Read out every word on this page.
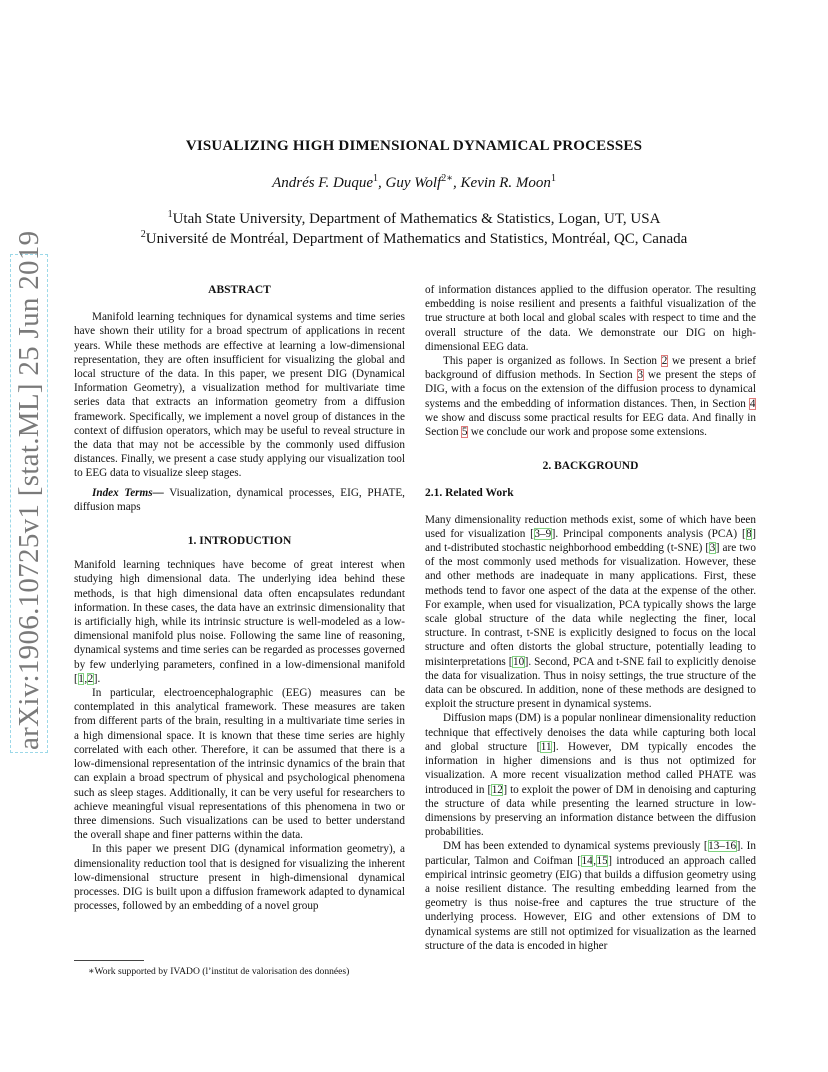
arXiv:1906.10725v1 [stat.ML] 25 Jun 2019
VISUALIZING HIGH DIMENSIONAL DYNAMICAL PROCESSES
Andrés F. Duque$^1$, Guy Wolf$^{2∗}$, Kevin R. Moon$^1$
$^1$Utah State University, Department of Mathematics & Statistics, Logan, UT, USA
$^2$Université de Montréal, Department of Mathematics and Statistics, Montréal, QC, Canada

ABSTRACT

Manifold learning techniques for dynamical systems and time series have shown their utility for a broad spectrum of applications in recent years. While these methods are effective at learning a low-dimensional representation, they are often insufficient for visualizing the global and local structure of the data. In this paper, we present DIG (Dynamical Information Geometry), a visualization method for multivariate time series data that extracts an information geometry from a diffusion framework. Specifically, we implement a novel group of distances in the context of diffusion operators, which may be useful to reveal structure in the data that may not be accessible by the commonly used diffusion distances. Finally, we present a case study applying our visualization tool to EEG data to visualize sleep stages.

Index Terms— Visualization, dynamical processes, EIG, PHATE, diffusion maps

1. INTRODUCTION

Manifold learning techniques have become of great interest when studying high dimensional data. The underlying idea behind these methods, is that high dimensional data often encapsulates redundant information. In these cases, the data have an extrinsic dimensionality that is artificially high, while its intrinsic structure is well-modeled as a low-dimensional manifold plus noise. Following the same line of reasoning, dynamical systems and time series can be regarded as processes governed by few underlying parameters, confined in a low-dimensional manifold [1,2].

In particular, electroencephalographic (EEG) measures can be contemplated in this analytical framework. These measures are taken from different parts of the brain, resulting in a multivariate time series in a high dimensional space. It is known that these time series are highly correlated with each other. Therefore, it can be assumed that there is a low-dimensional representation of the intrinsic dynamics of the brain that can explain a broad spectrum of physical and psychological phenomena such as sleep stages. Additionally, it can be very useful for researchers to achieve meaningful visual representations of this phenomena in two or three dimensions. Such visualizations can be used to better understand the overall shape and finer patterns within the data.

In this paper we present DIG (dynamical information geometry), a dimensionality reduction tool that is designed for visualizing the inherent low-dimensional structure present in high-dimensional dynamical processes. DIG is built upon a diffusion framework adapted to dynamical processes, followed by an embedding of a novel group

∗Work supported by IVADO (l’institut de valorisation des données)

of information distances applied to the diffusion operator. The resulting embedding is noise resilient and presents a faithful visualization of the true structure at both local and global scales with respect to time and the overall structure of the data. We demonstrate our DIG on high-dimensional EEG data.

This paper is organized as follows. In Section 2 we present a brief background of diffusion methods. In Section 3 we present the steps of DIG, with a focus on the extension of the diffusion process to dynamical systems and the embedding of information distances. Then, in Section 4 we show and discuss some practical results for EEG data. And finally in Section 5 we conclude our work and propose some extensions.

2. BACKGROUND

2.1. Related Work

Many dimensionality reduction methods exist, some of which have been used for visualization [3–9]. Principal components analysis (PCA) [8] and t-distributed stochastic neighborhood embedding (t-SNE) [3] are two of the most commonly used methods for visualization. However, these and other methods are inadequate in many applications. First, these methods tend to favor one aspect of the data at the expense of the other. For example, when used for visualization, PCA typically shows the large scale global structure of the data while neglecting the finer, local structure. In contrast, t-SNE is explicitly designed to focus on the local structure and often distorts the global structure, potentially leading to misinterpretations [10]. Second, PCA and t-SNE fail to explicitly denoise the data for visualization. Thus in noisy settings, the true structure of the data can be obscured. In addition, none of these methods are designed to exploit the structure present in dynamical systems.

Diffusion maps (DM) is a popular nonlinear dimensionality reduction technique that effectively denoises the data while capturing both local and global structure [11]. However, DM typically encodes the information in higher dimensions and is thus not optimized for visualization. A more recent visualization method called PHATE was introduced in [12] to exploit the power of DM in denoising and capturing the structure of data while presenting the learned structure in low-dimensions by preserving an information distance between the diffusion probabilities.

DM has been extended to dynamical systems previously [13–16]. In particular, Talmon and Coifman [14,15] introduced an approach called empirical intrinsic geometry (EIG) that builds a diffusion geometry using a noise resilient distance. The resulting embedding learned from the geometry is thus noise-free and captures the true structure of the underlying process. However, EIG and other extensions of DM to dynamical systems are still not optimized for visualization as the learned structure of the data is encoded in higher
